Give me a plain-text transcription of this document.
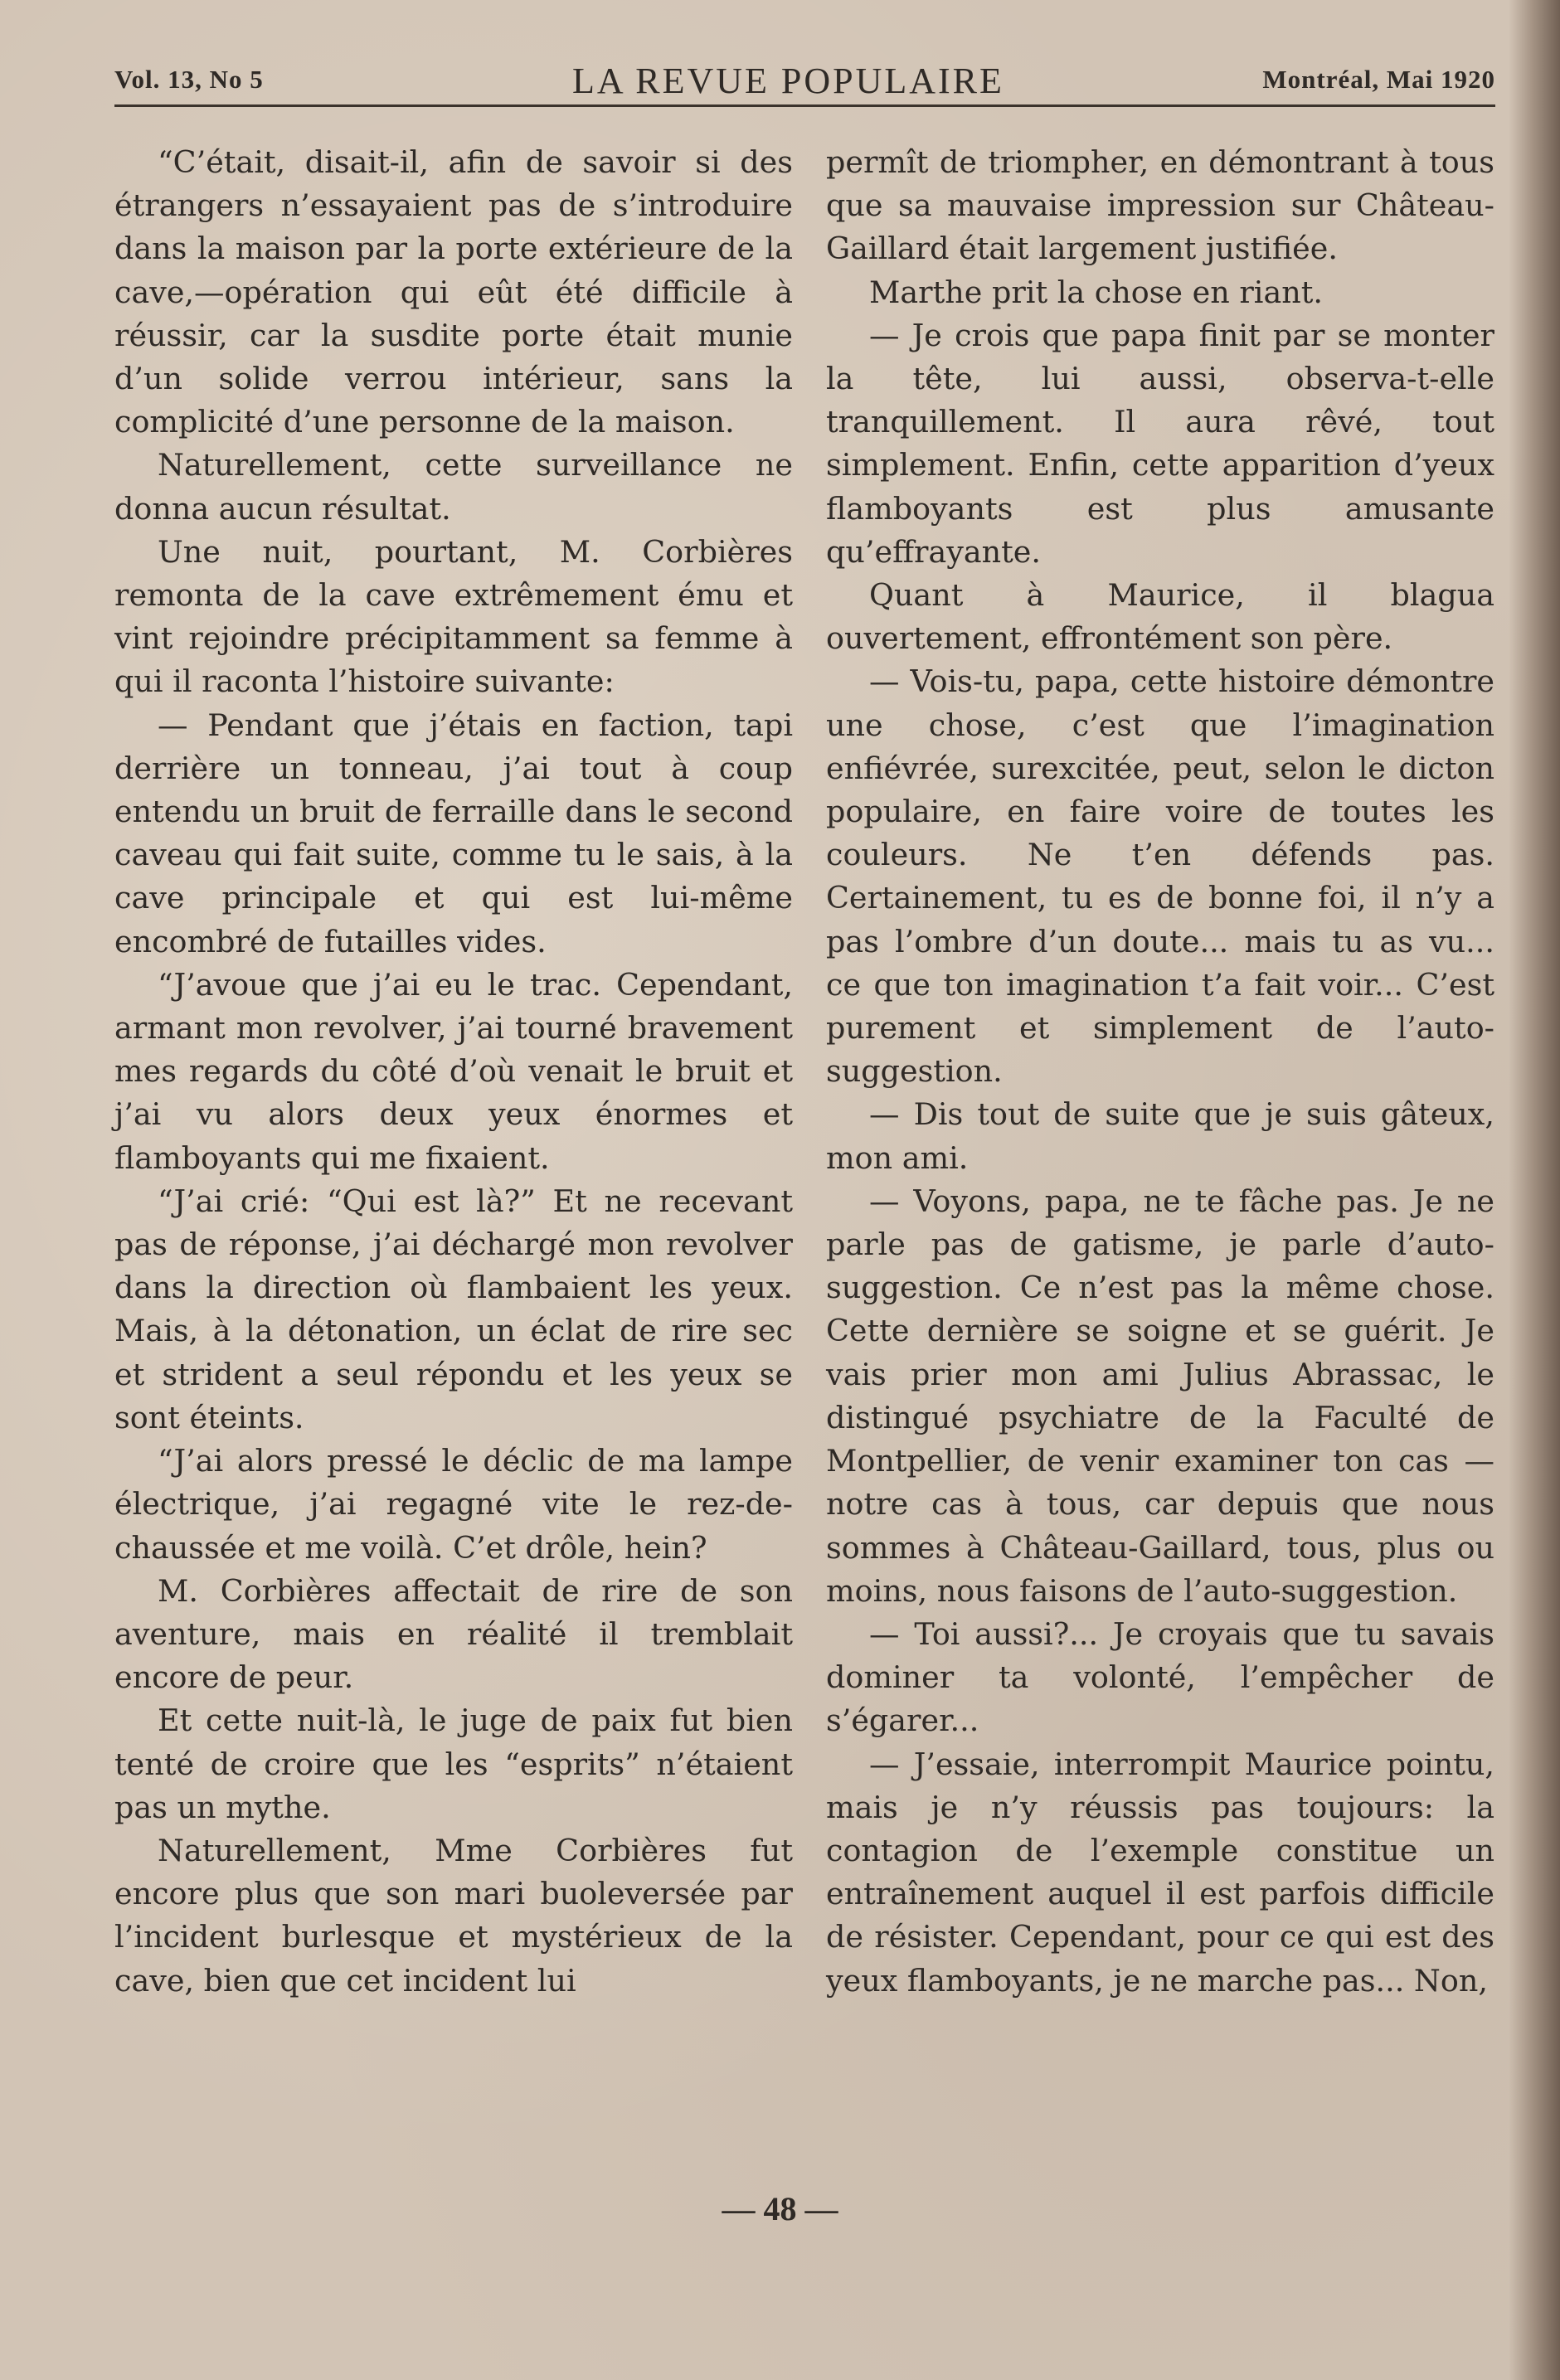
Vol. 13, No 5	LA REVUE POPULAIRE	Montréal, Mai 1920

“C’était, disait-il, afin de savoir si des étrangers n’essayaient pas de s’introduire dans la maison par la porte extérieure de la cave,—opération qui eût été difficile à réussir, car la susdite porte était munie d’un solide verrou intérieur, sans la complicité d’une personne de la maison.

Naturellement, cette surveillance ne donna aucun résultat.

Une nuit, pourtant, M. Corbières remonta de la cave extrêmement ému et vint rejoindre précipitamment sa femme à qui il raconta l’histoire suivante:

— Pendant que j’étais en faction, tapi derrière un tonneau, j’ai tout à coup entendu un bruit de ferraille dans le second caveau qui fait suite, comme tu le sais, à la cave principale et qui est lui-même encombré de futailles vides.

“J’avoue que j’ai eu le trac. Cependant, armant mon revolver, j’ai tourné bravement mes regards du côté d’où venait le bruit et j’ai vu alors deux yeux énormes et flamboyants qui me fixaient.

“J’ai crié: “Qui est là?” Et ne recevant pas de réponse, j’ai déchargé mon revolver dans la direction où flambaient les yeux. Mais, à la détonation, un éclat de rire sec et strident a seul répondu et les yeux se sont éteints.

“J’ai alors pressé le déclic de ma lampe électrique, j’ai regagné vite le rez-de-chaussée et me voilà. C’et drôle, hein?

M. Corbières affectait de rire de son aventure, mais en réalité il tremblait encore de peur.

Et cette nuit-là, le juge de paix fut bien tenté de croire que les “esprits” n’étaient pas un mythe.

Naturellement, Mme Corbières fut encore plus que son mari buoleversée par l’incident burlesque et mystérieux de la cave, bien que cet incident lui

permît de triompher, en démontrant à tous que sa mauvaise impression sur Château-Gaillard était largement justifiée.

Marthe prit la chose en riant.

— Je crois que papa finit par se monter la tête, lui aussi, observa-t-elle tranquillement. Il aura rêvé, tout simplement. Enfin, cette apparition d’yeux flamboyants est plus amusante qu’effrayante.

Quant à Maurice, il blagua ouvertement, effrontément son père.

— Vois-tu, papa, cette histoire démontre une chose, c’est que l’imagination enfiévrée, surexcitée, peut, selon le dicton populaire, en faire voire de toutes les couleurs. Ne t’en défends pas. Certainement, tu es de bonne foi, il n’y a pas l’ombre d’un doute... mais tu as vu... ce que ton imagination t’a fait voir... C’est purement et simplement de l’auto-suggestion.

— Dis tout de suite que je suis gâteux, mon ami.

— Voyons, papa, ne te fâche pas. Je ne parle pas de gatisme, je parle d’auto-suggestion. Ce n’est pas la même chose. Cette dernière se soigne et se guérit. Je vais prier mon ami Julius Abrassac, le distingué psychiatre de la Faculté de Montpellier, de venir examiner ton cas — notre cas à tous, car depuis que nous sommes à Château-Gaillard, tous, plus ou moins, nous faisons de l’auto-suggestion.

— Toi aussi?... Je croyais que tu savais dominer ta volonté, l’empêcher de s’égarer...

— J’essaie, interrompit Maurice pointu, mais je n’y réussis pas toujours: la contagion de l’exemple constitue un entraînement auquel il est parfois difficile de résister. Cependant, pour ce qui est des yeux flamboyants, je ne marche pas... Non,

— 48 —
